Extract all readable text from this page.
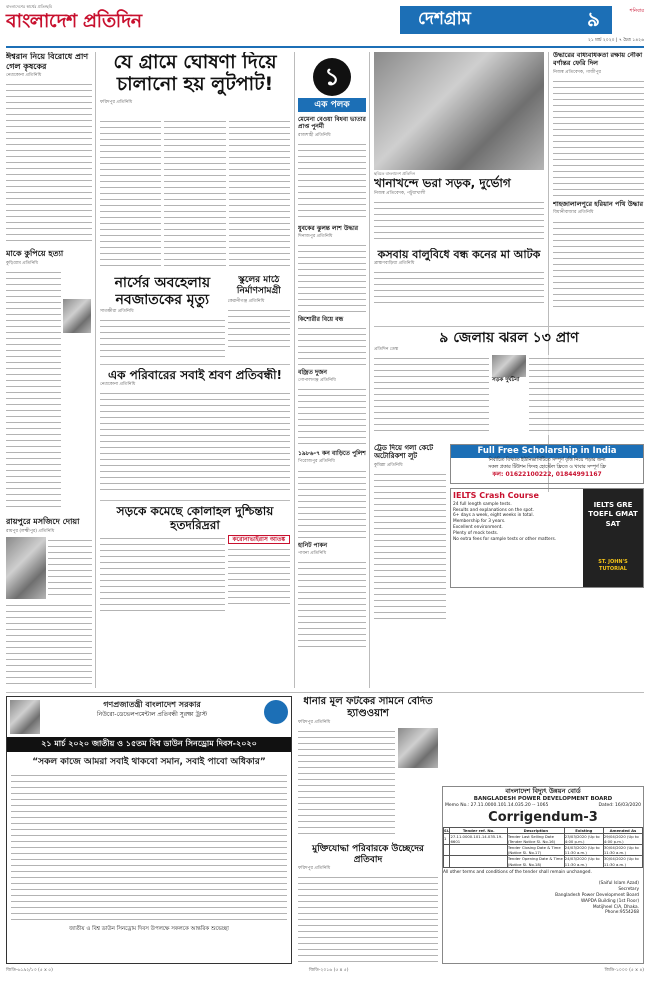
বাংলাদেশের স্বার্থের প্রতিচ্ছবি
বাংলাদেশ প্রতিদিন	দেশগ্রাম	৯	শনিবার
২১ মার্চ ২০২০ | ৭ চৈত্র ১৪২৬
ঈশ্বরান নিয়ে বিরোধে প্রাণ গেল কৃষকের
নেত্রকোনা প্রতিনিধি
মাকে কুপিয়ে হত্যা
কুড়িগ্রাম প্রতিনিধি
রায়পুরে মসজিদে দোয়া
রায়পুর (লক্ষ্মীপুর) প্রতিনিধি
যে গ্রামে ঘোষণা দিয়ে চালানো হয় লুটপাট!
ফরিদপুর প্রতিনিধি
১
এক পলক
মেমেনা বেওয়া বিধবা ভাতার প্রাপ্ত পুনর্মী
রাজশাহী প্রতিনিধি
যুবকের ঝুলন্ত লাশ উদ্ধার
দিনাজপুর প্রতিনিধি
কিশোরীর বিয়ে বন্ধ
বজ্রিত দুজন
গোপালগঞ্জ প্রতিনিধি
১৯৮৬-৭ কন বাড়িতে পুলিশ
পিরোজপুর প্রতিনিধি
হানিট পাকন
পাবনা প্রতিনিধি
নার্সের অবহেলায় নবজাতকের মৃত্যু
সাতক্ষীরা প্রতিনিধি
স্কুলের মাঠে নির্মাণসামগ্রী
কেরানীগঞ্জ প্রতিনিধি
এক পরিবারের সবাই শ্রবণ প্রতিবন্ধী!
নেত্রকোনা প্রতিনিধি
সড়কে কমেছে কোলাহল দুশ্চিন্তায় হতদরিদ্ররা
করোনাভাইরাস আতঙ্ক
ছবিতে বাংলাদেশ প্রতিদিন
খানাখন্দে ভরা সড়ক, দুর্ভোগ
নিজস্ব প্রতিবেদক, পটুয়াখালী
কসবায় বালুবিধে বন্ধ কনের মা আটক
ব্রাহ্মণবাড়িয়া প্রতিনিধি
৯ জেলায় ঝরল ১৩ প্রাণ
প্রতিদিন ডেস্ক
সড়ক দুর্ঘটনা
উদ্ধারের বাধ্যবাধকতা রক্ষায় নৌকা বর্ণান্তর ফেরি দিল
নিজস্ব প্রতিবেদক, গাজীপুর
শাহজালালপুরে হরিয়ান পথি উদ্ধার
বিয়ানীবাজার প্রতিনিধি
ট্রেড দিয়ে গলা কেটে অটোরিকশা লুট
কুমিল্লা প্রতিনিধি
Full Free Scholarship in India
নির্বাচিত বিখ্যাত ইউনিভার্সিটিতে সম্পূর্ণ বৃত্তি নিয়ে পড়ার জন্য
সকল প্রকার টিউশন ফিসহ হোস্টেল ফ্রিতে ও খাবার সম্পূর্ণ ফ্রি
কল: 01622100222, 01844991167
IELTS Crash Course
24 full length sample tests.
Results and explanations on the spot.
6+ days a week, eight weeks in total.
Membership for 3 years.
Excellent environment.
Plenty of mock tests.
No extra fees for sample tests or other matters.
IELTS GRE TOEFL GMAT SAT
ST. JOHN'S TUTORIAL
গণপ্রজাতন্ত্রী বাংলাদেশ সরকার
নিউরো-ডেভেলপমেন্টাল প্রতিবন্ধী সুরক্ষা ট্রাস্ট
২১ মার্চ ২০২০ জাতীয় ও ১৫তম বিশ্ব ডাউন সিনড্রোম দিবস-২০২০
“সকল কাজে আমরা সবাই থাকবো সমান, সবাই পাবো অধিকার”
জাতীয় ও বিশ্ব ডাউন সিনড্রোম দিবস উপলক্ষে সকলকে আন্তরিক শুভেচ্ছা
ধানার মূল ফটকের সামনে বেদিত হ্যাণ্ডওয়াশ
ফরিদপুর প্রতিনিধি
মুক্তিযোদ্ধা পরিবারকে উচ্ছেদের প্রতিবাদ
ফরিদপুর প্রতিনিধি
বাংলাদেশ বিদ্যুৎ উন্নয়ন বোর্ড
BANGLADESH POWER DEVELOPMENT BOARD
Memo No.: 27.11.0000.101.14.035.20 -- 1065	Dated: 16/03/2020
Corrigendum-3
Sl.	Tender ref. No.	Description	Existing	Amended As
1	27.11.0000.101.14.035.19-6601	Tender Last Selling Date (Tender Notice Sl. No.16)	23/03/2020 (Up to 4:00 p.m.)	29/04/2020 (Up to 4:00 p.m.)
		Tender Closing Date & Time (Notice Sl. No.17)	24/03/2020 (Up to 11:30 a.m.)	30/04/2020 (Up to 11:30 a.m.)
		Tender Opening Date & Time (Notice Sl. No.18)	24/03/2020 (Up to 11:30 a.m.)	30/04/2020 (Up to 11:30 a.m.)
All other terms and conditions of the tender shall remain unchanged.
(Saiful Islam Azad)
Secretary
Bangladesh Power Development Board
WAPDA Building (1st Floor)
Motijheel C/A, Dhaka.
Phone:9554268
জিডি-৬১৯২/১৩ (৫ x ৫)	জিডি-২০১৬ (৫ x ৫)	জিডি-১০০০ (৫ x ৪)
